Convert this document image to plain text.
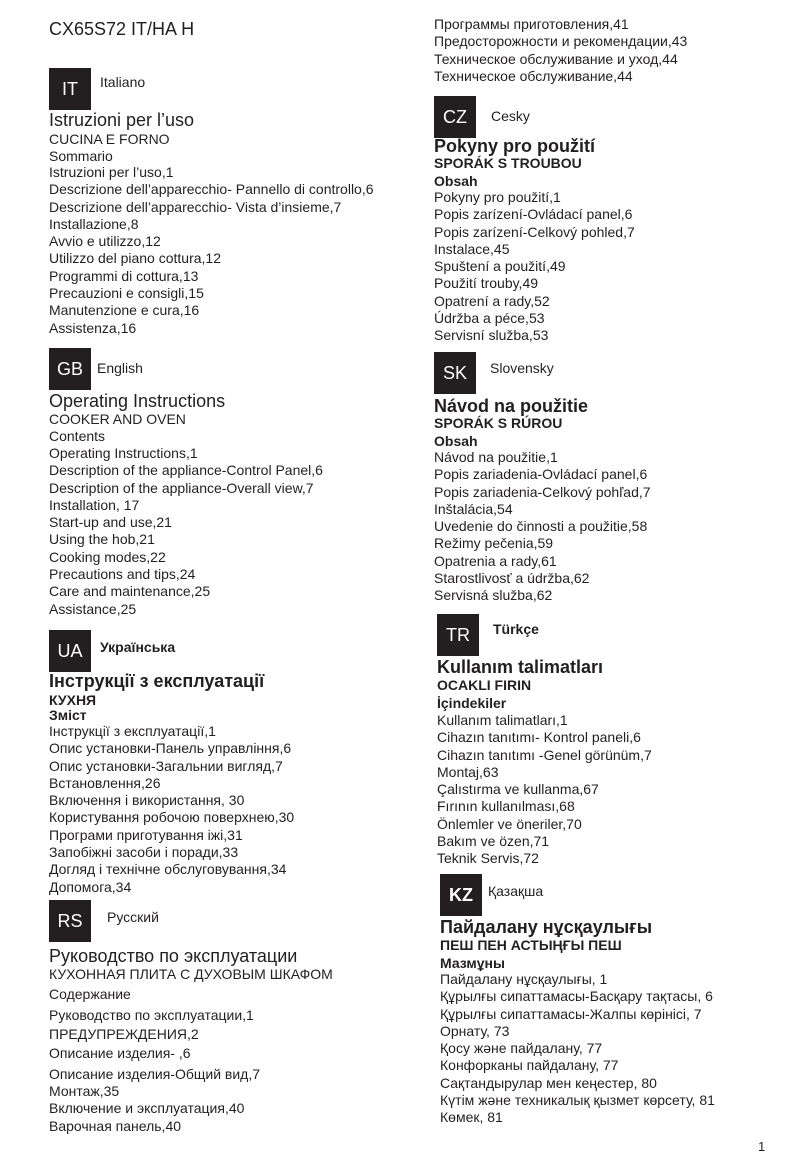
CX65S72 IT/HA H
IT	Italiano
Istruzioni per l’uso
CUCINA E FORNO
Sommario
Istruzioni per l’uso,1
Descrizione dell’apparecchio- Pannello di controllo,6
Descrizione dell’apparecchio- Vista d’insieme,7
Installazione,8
Avvio e utilizzo,12
Utilizzo del piano cottura,12
Programmi di cottura,13
Precauzioni e consigli,15
Manutenzione e cura,16
Assistenza,16
GB	English
Operating Instructions
COOKER AND OVEN
Contents
Operating Instructions,1
Description of the appliance-Control Panel,6
Description of the appliance-Overall view,7
Installation, 17
Start-up and use,21
Using the hob,21
Cooking modes,22
Precautions and tips,24
Care and maintenance,25
Assistance,25
UA	Українська
Інструкції з експлуатації
КУХНЯ
Зміст
Інструкції з експлуатації,1
Опис установки-Панель управління,6
Опис установки-Загальнии вигляд,7
Встановлення,26
Включення і використання, 30
Користування робочою поверхнею,30
Програми приготування іжі,31
Запобіжні засоби і поради,33
Догляд і технічне обслуговування,34
Допомога,34
RS	Русский
Руководство по эксплуатации
КУХОННАЯ ПЛИТА С ДУХОВЫМ ШКАФОМ
Содержание
Руководство по эксплуатации,1
ПРЕДУПРЕЖДЕНИЯ,2
Описание изделия- ,6
Описание изделия-Общий вид,7
Монтаж,35
Включение и эксплуатация,40
Варочная панель,40
Программы приготовления,41
Предосторожности и рекомендации,43
Техническое обслуживание и уход,44
Техническое обслуживание,44
CZ	Cesky
Pokyny pro použití
SPORÁK S TROUBOU
Obsah
Pokyny pro použití,1
Popis zarízení-Ovládací panel,6
Popis zarízení-Celkový pohled,7
Instalace,45
Spuštení a použití,49
Použití trouby,49
Opatrení a rady,52
Údržba a péce,53
Servisní služba,53
SK	Slovensky
Návod na použitie
SPORÁK S RÚROU
Obsah
Návod na použitie,1
Popis zariadenia-Ovládací panel,6
Popis zariadenia-Celkový pohľad,7
Inštalácia,54
Uvedenie do činnosti a použitie,58
Režimy pečenia,59
Opatrenia a rady,61
Starostlivosť a údržba,62
Servisná služba,62
TR	Türkçe
Kullanım talimatları
OCAKLI FIRIN
İçindekiler
Kullanım talimatları,1
Cihazın tanıtımı- Kontrol paneli,6
Cihazın tanıtımı -Genel görünüm,7
Montaj,63
Çalıstırma ve kullanma,67
Fırının kullanılması,68
Önlemler ve öneriler,70
Bakım ve özen,71
Teknik Servis,72
KZ	Қазақша
Пайдалану нұсқаулығы
ПЕШ ПЕН АСТЫҢҒЫ ПЕШ
Мазмұны
Пайдалану нұсқаулығы, 1
Құрылғы сипаттамасы-Басқару тақтасы, 6
Құрылғы сипаттамасы-Жалпы көрінісі, 7
Орнату, 73
Қосу және пайдалану, 77
Конфорканы пайдалану, 77
Сақтандырулар мен кеңестер, 80
Күтім және техникалық қызмет көрсету, 81
Көмек, 81
1
